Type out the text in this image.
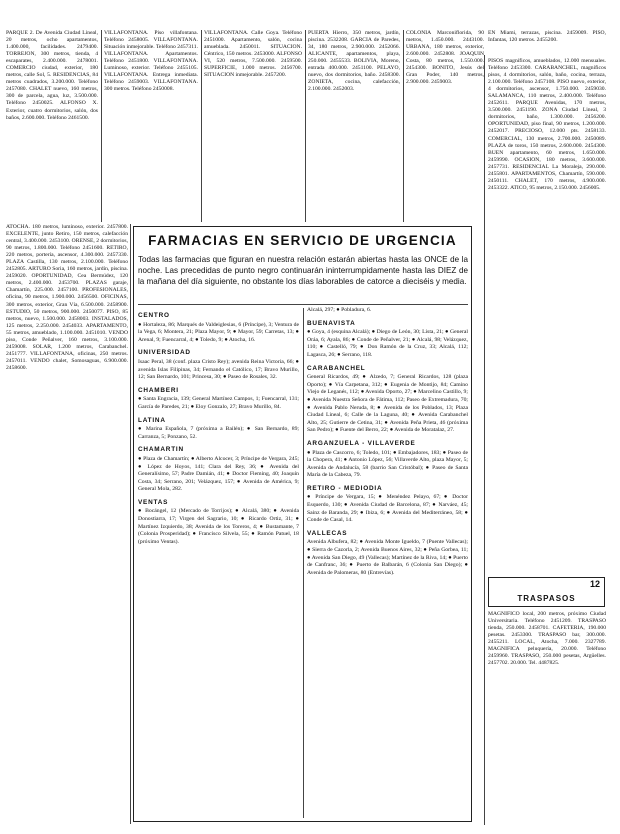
PARQUE 2. De Avenida Ciudad Lineal, 20 metros, ocho apartamentos, 1.400.000, facilidades. 2479400. TORREJON, 300 metros, tienda, 4 escaparates, 2.400.000. 2478001. COMERCIO ciudad, exterior, 180 metros, calle Sol, 5. RESIDENCIAS, 84 metros cuadrados, 3.200.000. Teléfono 2457080. CHALET nuevo, 160 metros, 300 de parcela, agua, luz, 3.500.000. Teléfono 2450025. ALFONSO X. Exterior, cuatro dormitorios, salón, dos baños, 2.600.000. Teléfono 2461500.

VILLAFONTANA. Piso villafontana. Teléfono 2458005. VILLAFONTANA. Situación inmejorable. Teléfono 2457311. VILLAFONTANA. Apartamentos. Teléfono 2451800. VILLAFONTANA. Luminoso, exterior. Teléfono 2455105. VILLAFONTANA. Entrega inmediata. Teléfono 2459003. VILLAFONTANA. 300 metros. Teléfono 2450008.

VILLAFONTANA. Calle Goya. Teléfono 2451000. Apartamento, salón, cocina amueblada. 2450011. SITUACION. Céntrico, 150 metros. 2453000. ALFONSO VI, 520 metros, 7.500.000. 2459500. SUPERFICIE, 1.000 metros. 2456700. SITUACION inmejorable. 2457200.

PUERTA Hierro, 350 metros, jardín, piscina. 2532208. GARCIA de Paredes, 34, 180 metros, 2.900.000. 2452066. ALICANTE, apartamentos, playa, 250.000. 2455533. BOLIVIA, Moreno, entrada 400.000. 2451100. PELAYO, nuevo, dos dormitorios, baño. 2458300. ZONIETA, cocina, calefacción, 2.100.000. 2452003.

COLONIA Marconiflorida, 90 metros, 1.450.000. 2443100. URBANA, 180 metros, exterior, 2.600.000. 2452808. JOAQUIN Costa, 80 metros, 1.550.000. 2454300. BONITO, Jesús del Gran Poder, 140 metros, 2.900.000. 2459003.

EN Miami, terrazas, piscina. 2459009. PISO, Infantas, 120 metros. 2455200.

ATOCHA. 180 metros, luminoso, exterior. 2457800. EXCELENTE, junto Retiro, 150 metros, calefacción central, 3.400.000. 2453100. ORENSE, 2 dormitorios, 90 metros, 1.800.000. Teléfono 2451600. RETIRO, 220 metros, portería, ascensor, 4.300.000. 2457330. PLAZA Castilla, 130 metros, 2.100.000. Teléfono 2452805. ARTURO Soria, 160 metros, jardín, piscina. 2459020. OPORTUNIDAD, Cea Bermúdez, 120 metros, 2.400.000. 2453700. PLAZAS garaje, Chamartín, 225.000. 2457100. PROFESIONALES, oficina, 90 metros, 1.900.000. 2456500. OFICINAS, 300 metros, exterior, Gran Vía, 6.500.000. 2458900. ESTUDIO, 50 metros, 900.000. 2450077. PISO, 85 metros, nuevo, 1.500.000. 2458003. INSTALADOS, 125 metros, 2.250.000. 2454033. APARTAMENTO, 55 metros, amueblado, 1.100.000. 2451010. VENDO piso, Conde Peñalver, 160 metros, 3.100.000. 2459008. SOLAR, 1.200 metros, Carabanchel. 2451777. VILLAFONTANA, oficinas, 250 metros. 2457011. VENDO chalet, Somosaguas, 6.900.000. 2458600.

FARMACIAS EN SERVICIO DE URGENCIA
Todas las farmacias que figuran en nuestra relación estarán abiertas hasta las ONCE de la noche. Las precedidas de punto negro continuarán ininterrumpidamente hasta las DIEZ de la mañana del día siguiente, no obstante los días laborables de catorce a dieciséis y media.
CENTRO

● Hortaleza, 86; Marqués de Valdeiglesias, 6 (Príncipe), 3; Ventura de la Vega, 6; Montera, 21; Plaza Mayor, 9; ● Mayor, 59; Carretas, 13; ● Arenal, 9; Fuencarral, 4; ● Toledo, 9; ● Atocha, 16.

UNIVERSIDAD

Isaac Peral, 38 (conf. plaza Cristo Rey); avenida Reina Victoria, 66; ● avenida Islas Filipinas, 34; Fernando el Católico, 17; Bravo Murillo, 12; San Bernardo, 101; Princesa, 30; ● Paseo de Rosales, 32.

CHAMBERI

● Santa Engracia, 139; General Martínez Campos, 1; Fuencarral, 131; García de Paredes, 21; ● Eloy Gonzalo, 27; Bravo Murillo, 84.

LATINA

● Marina Española, 7 (próxima a Bailén); ● San Bernardo, 89; Carranza, 5; Ponzano, 52.

CHAMARTIN

● Plaza de Chamartín; ● Alberto Alcocer, 3; Príncipe de Vergara, 245; ● López de Hoyos, 141; Clara del Rey, 36; ● Avenida del Generalísimo, 57; Padre Damián, 41; ● Doctor Fleming, 40; Joaquín Costa, 34; Serrano, 201; Velázquez, 157; ● Avenida de América, 9; General Mola, 282.

VENTAS

● Bocángel, 12 (Mercado de Torrijos); ● Alcalá, 380; ● Avenida Donostiarra, 17; Virgen del Sagrario, 10; ● Ricardo Ortiz, 31; ● Martínez Izquierdo, 38; Avenida de los Toreros, 4; ● Bustamante, 7 (Colonia Prosperidad); ● Francisco Silvela, 55; ● Ramón Patuel, 18 (próximo Ventas).

Alcalá, 297; ● Pobladura, 6.

BUENAVISTA

● Goya, 4 (esquina Alcalá); ● Diego de León, 30; Lista, 21; ● General Oráa, 6; Ayala, 86; ● Conde de Peñalver, 21; ● Alcalá, 98; Velázquez, 110; ● Castelló, 79; ● Don Ramón de la Cruz, 33; Alcalá, 112; Lagasca, 26; ● Serrano, 118.

CARABANCHEL

General Ricardos, 49; ● Alzedo, 7; General Ricardos, 128 (plaza Oporto); ● Vía Carpetana, 312; ● Eugenia de Montijo, 84; Camino Viejo de Leganés, 112; ● Avenida Oporto, 27; ● Marcelino Castillo, 9; ● Avenida Nuestra Señora de Fátima, 112; Paseo de Extremadura, 70; ● Avenida Pablo Neruda, 8; ● Avenida de los Poblados, 13; Plaza Ciudad Lineal, 6; Calle de la Laguna, 40; ● Avenida Carabanchel Alto, 25; Gutierre de Cetina, 31; ● Avenida Peña Prieta, 46 (próxima San Pedro); ● Fuente del Berro, 22; ● Avenida de Moratalaz, 27.

ARGANZUELA - VILLAVERDE

● Plaza de Cascorro, 6; Toledo, 101; ● Embajadores, 183; ● Paseo de la Chopera, 41; ● Antonio López, 56; Villaverde Alto, plaza Mayor, 5; Avenida de Andalucía, 58 (barrio San Cristóbal); ● Paseo de Santa María de la Cabeza, 79.

RETIRO - MEDIODIA

● Príncipe de Vergara, 15; ● Menéndez Pelayo, 67; ● Doctor Esquerdo, 130; ● Avenida Ciudad de Barcelona, 87; ● Narváez, 45; Sainz de Baranda, 29; ● Ibiza, 6; ● Avenida del Mediterráneo, 58; ● Conde de Casal, 14.

VALLECAS

Avenida Albufera, 82; ● Avenida Monte Igueldo, 7 (Puente Vallecas); ● Sierra de Cazorla, 2; Avenida Buenos Aires, 32; ● Peña Gorbea, 11; ● Avenida San Diego, 49 (Vallecas); Martínez de la Riva, 14; ● Puerto de Canfranc, 36; ● Puerto de Balbarán, 6 (Colonia San Diego); ● Avenida de Palomeras, 80 (Entrevías).

PISOS magníficos, amueblados, 12.000 mensuales. Teléfono 2453300. CARABANCHEL, magníficos pisos, 4 dormitorios, salón, baño, cocina, terraza, 2.100.000. Teléfono 2457108. PISO nuevo, exterior, 4 dormitorios, ascensor, 1.750.000. 2459030. SALAMANCA, 110 metros, 2.400.000. Teléfono 2452611. PARQUE Avenidas, 170 metros, 3.500.000. 2451190. ZONA Ciudad Lineal, 3 dormitorios, baño, 1.300.000. 2456200. OPORTUNIDAD, piso final, 90 metros, 1.200.000. 2452017. PRECIOSO, 12.000 pts. 2458133. COMERCIAL, 130 metros, 2.700.000. 2450089. PLAZA de toros, 150 metros, 2.600.000. 2454300. BUEN apartamento, 60 metros, 1.650.000. 2459990. OCASION, 180 metros, 3.600.000. 2457731. RESIDENCIAL La Moraleja, 290.000. 2455801. APARTAMENTOS, Chamartín, 590.000. 2450111. CHALET, 170 metros, 4.900.000. 2453322. ATICO, 95 metros, 2.150.000. 2456005.

12
TRASPASOS

MAGNIFICO local, 200 metros, próximo Ciudad Universitaria. Teléfono 2451209. TRASPASO tienda, 250.000. 2458701. CAFETERIA, 190.000 pesetas. 2453300. TRASPASO bar, 300.000. 2455211. LOCAL, Atocha, 7.000. 2327789. MAGNIFICA peluquería, 20.000. Teléfono 2459960. TRASPASO, 250.000 pesetas, Argüelles. 2457702. 20.000. Tel. 4487825.
